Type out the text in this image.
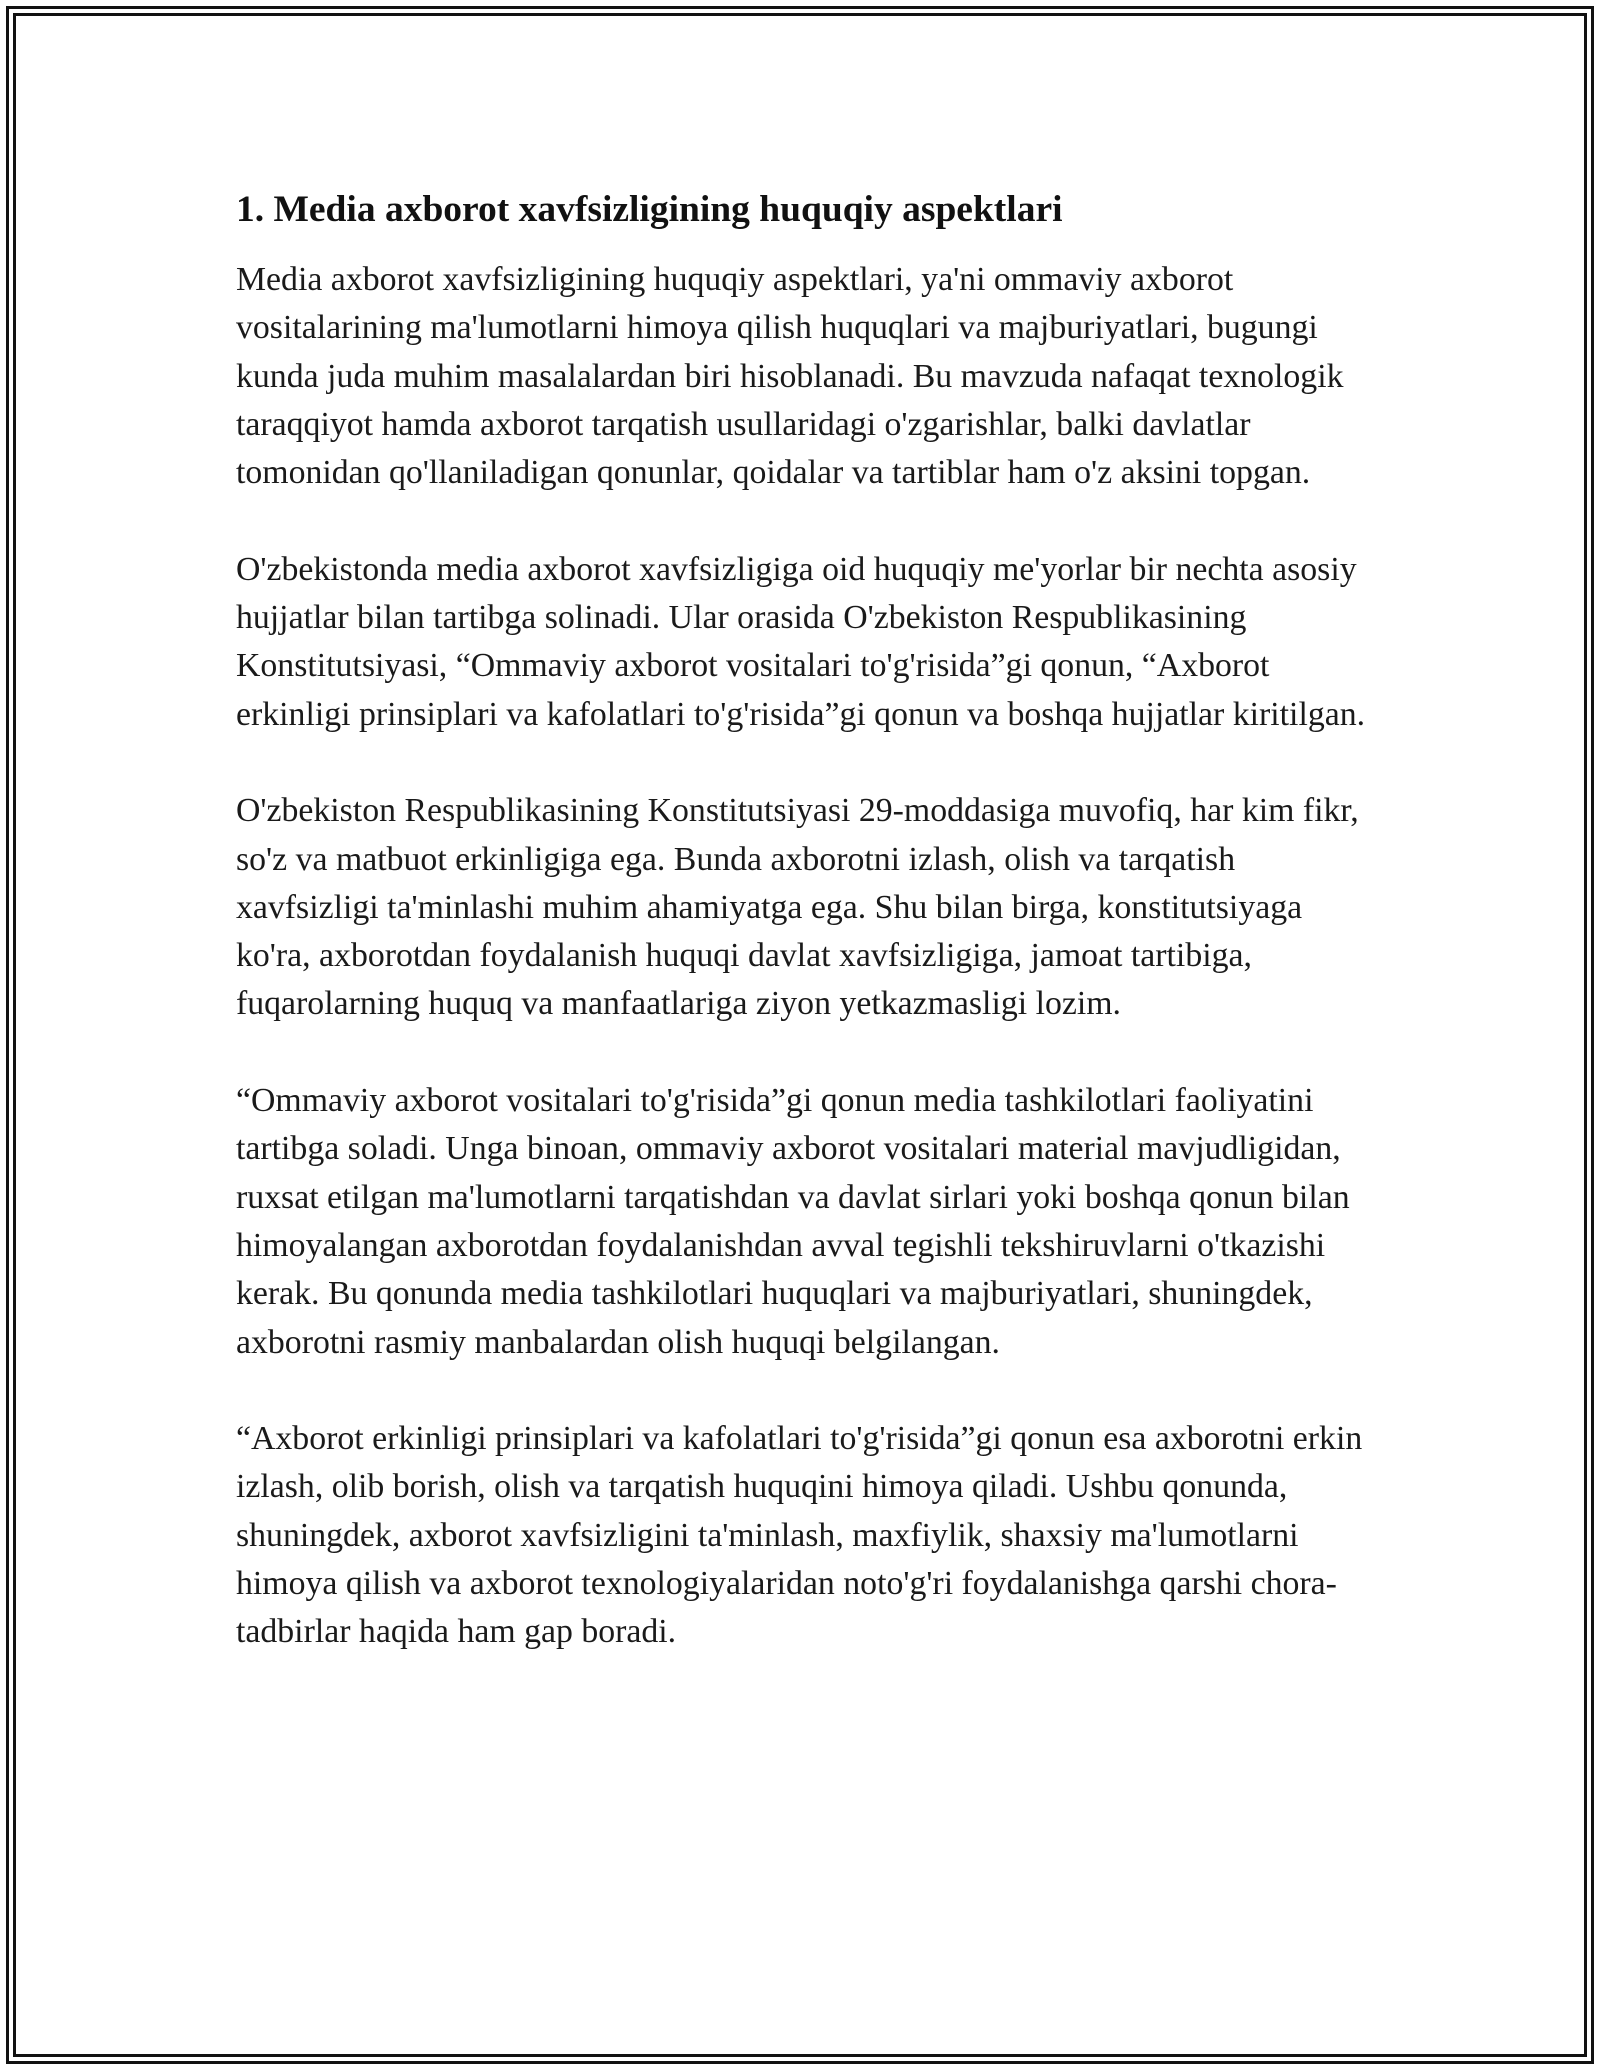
1. Media axborot xavfsizligining huquqiy aspektlari

Media axborot xavfsizligining huquqiy aspektlari, ya'ni ommaviy axborot vositalarining ma'lumotlarni himoya qilish huquqlari va majburiyatlari, bugungi kunda juda muhim masalalardan biri hisoblanadi. Bu mavzuda nafaqat texnologik taraqqiyot hamda axborot tarqatish usullaridagi o'zgarishlar, balki davlatlar tomonidan qo'llaniladigan qonunlar, qoidalar va tartiblar ham o'z aksini topgan.

O'zbekistonda media axborot xavfsizligiga oid huquqiy me'yorlar bir nechta asosiy hujjatlar bilan tartibga solinadi. Ular orasida O'zbekiston Respublikasining Konstitutsiyasi, “Ommaviy axborot vositalari to'g'risida”gi qonun, “Axborot erkinligi prinsiplari va kafolatlari to'g'risida”gi qonun va boshqa hujjatlar kiritilgan.

O'zbekiston Respublikasining Konstitutsiyasi 29-moddasiga muvofiq, har kim fikr, so'z va matbuot erkinligiga ega. Bunda axborotni izlash, olish va tarqatish xavfsizligi ta'minlashi muhim ahamiyatga ega. Shu bilan birga, konstitutsiyaga ko'ra, axborotdan foydalanish huquqi davlat xavfsizligiga, jamoat tartibiga, fuqarolarning huquq va manfaatlariga ziyon yetkazmasligi lozim.

“Ommaviy axborot vositalari to'g'risida”gi qonun media tashkilotlari faoliyatini tartibga soladi. Unga binoan, ommaviy axborot vositalari material mavjudligidan, ruxsat etilgan ma'lumotlarni tarqatishdan va davlat sirlari yoki boshqa qonun bilan himoyalangan axborotdan foydalanishdan avval tegishli tekshiruvlarni o'tkazishi kerak. Bu qonunda media tashkilotlari huquqlari va majburiyatlari, shuningdek, axborotni rasmiy manbalardan olish huquqi belgilangan.

“Axborot erkinligi prinsiplari va kafolatlari to'g'risida”gi qonun esa axborotni erkin izlash, olib borish, olish va tarqatish huquqini himoya qiladi. Ushbu qonunda, shuningdek, axborot xavfsizligini ta'minlash, maxfiylik, shaxsiy ma'lumotlarni himoya qilish va axborot texnologiyalaridan noto'g'ri foydalanishga qarshi chora-tadbirlar haqida ham gap boradi.
